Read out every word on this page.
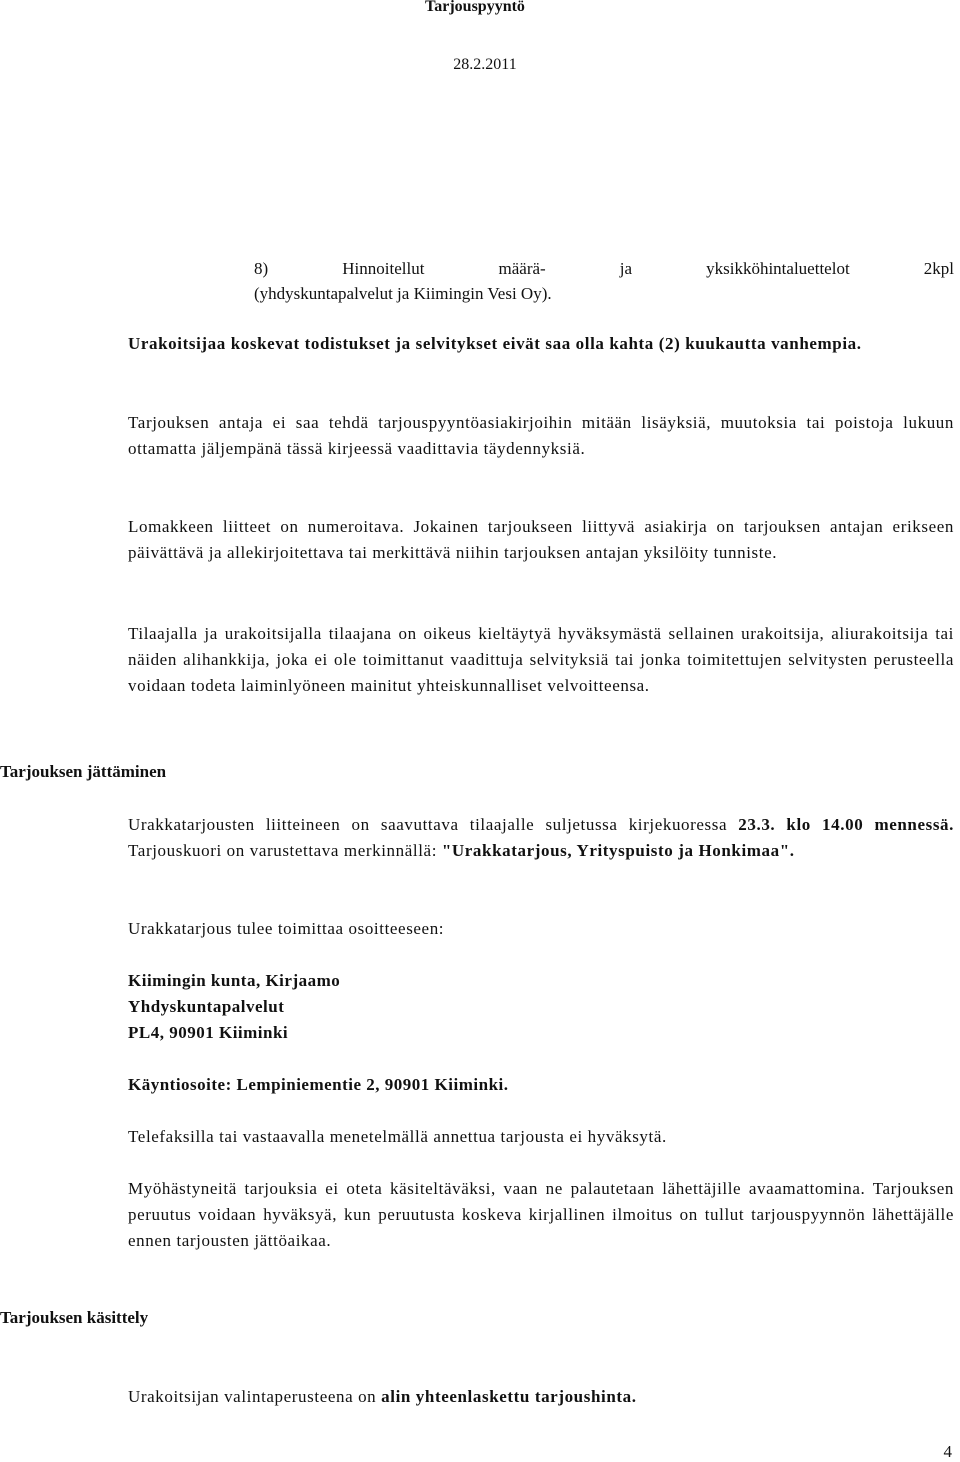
Tarjouspyyntö
28.2.2011
8)	Hinnoitellut	määrä-	ja	yksikköhintaluettelot	2kpl
(yhdyskuntapalvelut ja Kiimingin Vesi Oy).
Urakoitsijaa koskevat todistukset ja selvitykset eivät saa olla kahta (2) kuukautta vanhempia.
Tarjouksen antaja ei saa tehdä tarjouspyyntöasiakirjoihin mitään lisäyksiä, muutoksia tai poistoja lukuun ottamatta jäljempänä tässä kirjeessä vaadittavia täydennyksiä.
Lomakkeen liitteet on numeroitava. Jokainen tarjoukseen liittyvä asiakirja on tarjouksen antajan erikseen päivättävä ja allekirjoitettava tai merkittävä niihin tarjouksen antajan yksilöity tunniste.
Tilaajalla ja urakoitsijalla tilaajana on oikeus kieltäytyä hyväksymästä sellainen urakoitsija, aliurakoitsija tai näiden alihankkija, joka ei ole toimittanut vaadittuja selvityksiä tai jonka toimitettujen selvitysten perusteella voidaan todeta laiminlyöneen mainitut yhteiskunnalliset velvoitteensa.
Tarjouksen jättäminen
Urakkatarjousten liitteineen on saavuttava tilaajalle suljetussa kirjekuoressa 23.3. klo 14.00 mennessä. Tarjouskuori on varustettava merkinnällä: "Urakkatarjous, Yrityspuisto ja Honkimaa".
Urakkatarjous tulee toimittaa osoitteeseen:
Kiimingin kunta, Kirjaamo
Yhdyskuntapalvelut
PL4, 90901 Kiiminki
Käyntiosoite: Lempiniementie 2, 90901 Kiiminki.
Telefaksilla tai vastaavalla menetelmällä annettua tarjousta ei hyväksytä.
Myöhästyneitä tarjouksia ei oteta käsiteltäväksi, vaan ne palautetaan lähettäjille avaamattomina. Tarjouksen peruutus voidaan hyväksyä, kun peruutusta koskeva kirjallinen ilmoitus on tullut tarjouspyynnön lähettäjälle ennen tarjousten jättöaikaa.
Tarjouksen käsittely
Urakoitsijan valintaperusteena on alin yhteenlaskettu tarjoushinta.
4
